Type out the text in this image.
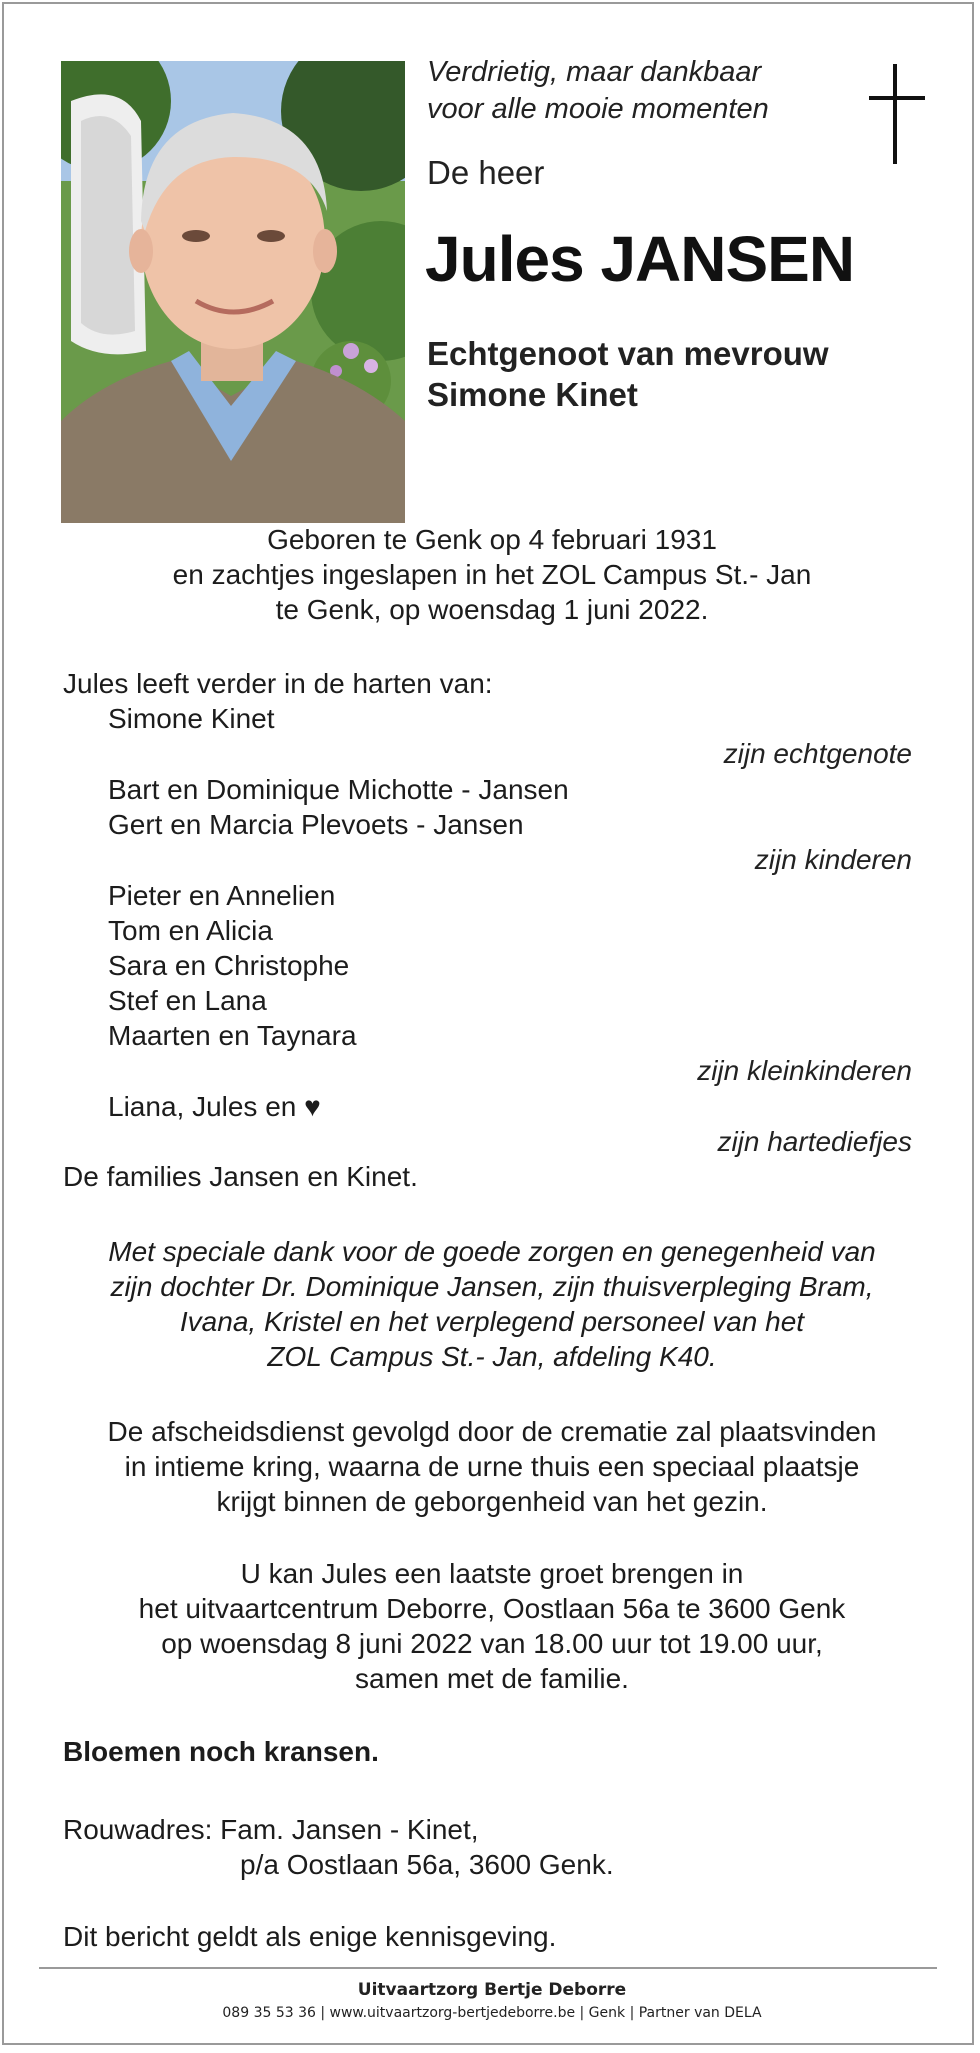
Verdrietig, maar dankbaar
voor alle mooie momenten
De heer
Jules JANSEN
Echtgenoot van mevrouw
Simone Kinet
Geboren te Genk op 4 februari 1931
en zachtjes ingeslapen in het ZOL Campus St.- Jan
te Genk, op woensdag 1 juni 2022.
Jules leeft verder in de harten van:
Simone Kinet
zijn echtgenote
Bart en Dominique Michotte - Jansen
Gert en Marcia Plevoets - Jansen
zijn kinderen
Pieter en Annelien
Tom en Alicia
Sara en Christophe
Stef en Lana
Maarten en Taynara
zijn kleinkinderen
Liana, Jules en ♥
zijn hartediefjes
De families Jansen en Kinet.
Met speciale dank voor de goede zorgen en genegenheid van
zijn dochter Dr. Dominique Jansen, zijn thuisverpleging Bram,
Ivana, Kristel en het verplegend personeel van het
ZOL Campus St.- Jan, afdeling K40.
De afscheidsdienst gevolgd door de crematie zal plaatsvinden
in intieme kring, waarna de urne thuis een speciaal plaatsje
krijgt binnen de geborgenheid van het gezin.
U kan Jules een laatste groet brengen in
het uitvaartcentrum Deborre, Oostlaan 56a te 3600 Genk
op woensdag 8 juni 2022 van 18.00 uur tot 19.00 uur,
samen met de familie.
Bloemen noch kransen.
Rouwadres: Fam. Jansen - Kinet,
p/a Oostlaan 56a, 3600 Genk.
Dit bericht geldt als enige kennisgeving.
Uitvaartzorg Bertje Deborre
089 35 53 36 | www.uitvaartzorg-bertjedeborre.be | Genk | Partner van DELA
